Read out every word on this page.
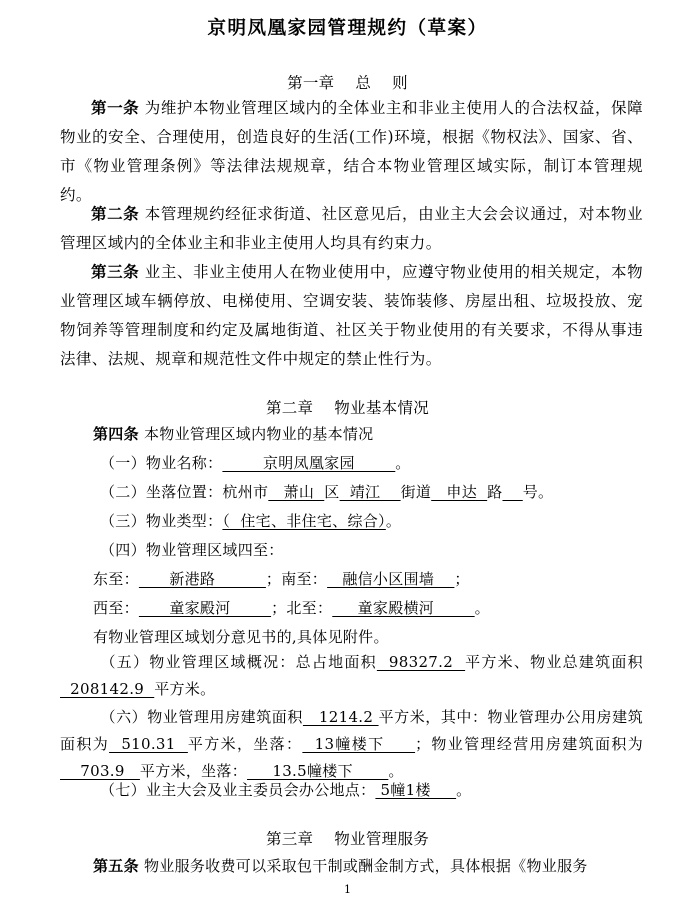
京明凤凰家园管理规约（草案）
第一章    总    则
第一条 为维护本物业管理区域内的全体业主和非业主使用人的合法权益，保障物业的安全、合理使用，创造良好的生活(工作)环境，根据《物权法》、国家、省、市《物业管理条例》等法律法规规章，结合本物业管理区域实际，制订本管理规约。
第二条 本管理规约经征求街道、社区意见后，由业主大会会议通过，对本物业管理区域内的全体业主和非业主使用人均具有约束力。
第三条 业主、非业主使用人在物业使用中，应遵守物业使用的相关规定，本物业管理区域车辆停放、电梯使用、空调安装、装饰装修、房屋出租、垃圾投放、宠物饲养等管理制度和约定及属地街道、社区关于物业使用的有关要求，不得从事违法律、法规、规章和规范性文件中规定的禁止性行为。
第二章    物业基本情况
第四条 本物业管理区域内物业的基本情况
（一）物业名称：        京明凤凰家园        。
（二）坐落位置：杭州市   萧山  区  靖江    街道   申达  路 号。
（三）物业类型：（  住宅、非住宅、综合）。
（四）物业管理区域四至：
东至：      新港路          ；南至：   融信小区围墙    ；
西至：      童家殿河        ；北至：     童家殿横河        。
有物业管理区域划分意见书的,具体见附件。
（五）物业管理区域概况：总占地面积  98327.2  平方米、物业总建筑面积  208142.9  平方米。
（六）物业管理用房建筑面积   1214.2 平方米，其中：物业管理办公用房建筑面积为  510.31  平方米，坐落：  13幢楼下     ；物业管理经营用房建筑面积为    703.9   平方米，坐落：     13.5幢楼下       。
（七）业主大会及业主委员会办公地点： 5幢1楼     。
第三章    物业管理服务
第五条 物业服务收费可以采取包干制或酬金制方式，具体根据《物业服务
1
